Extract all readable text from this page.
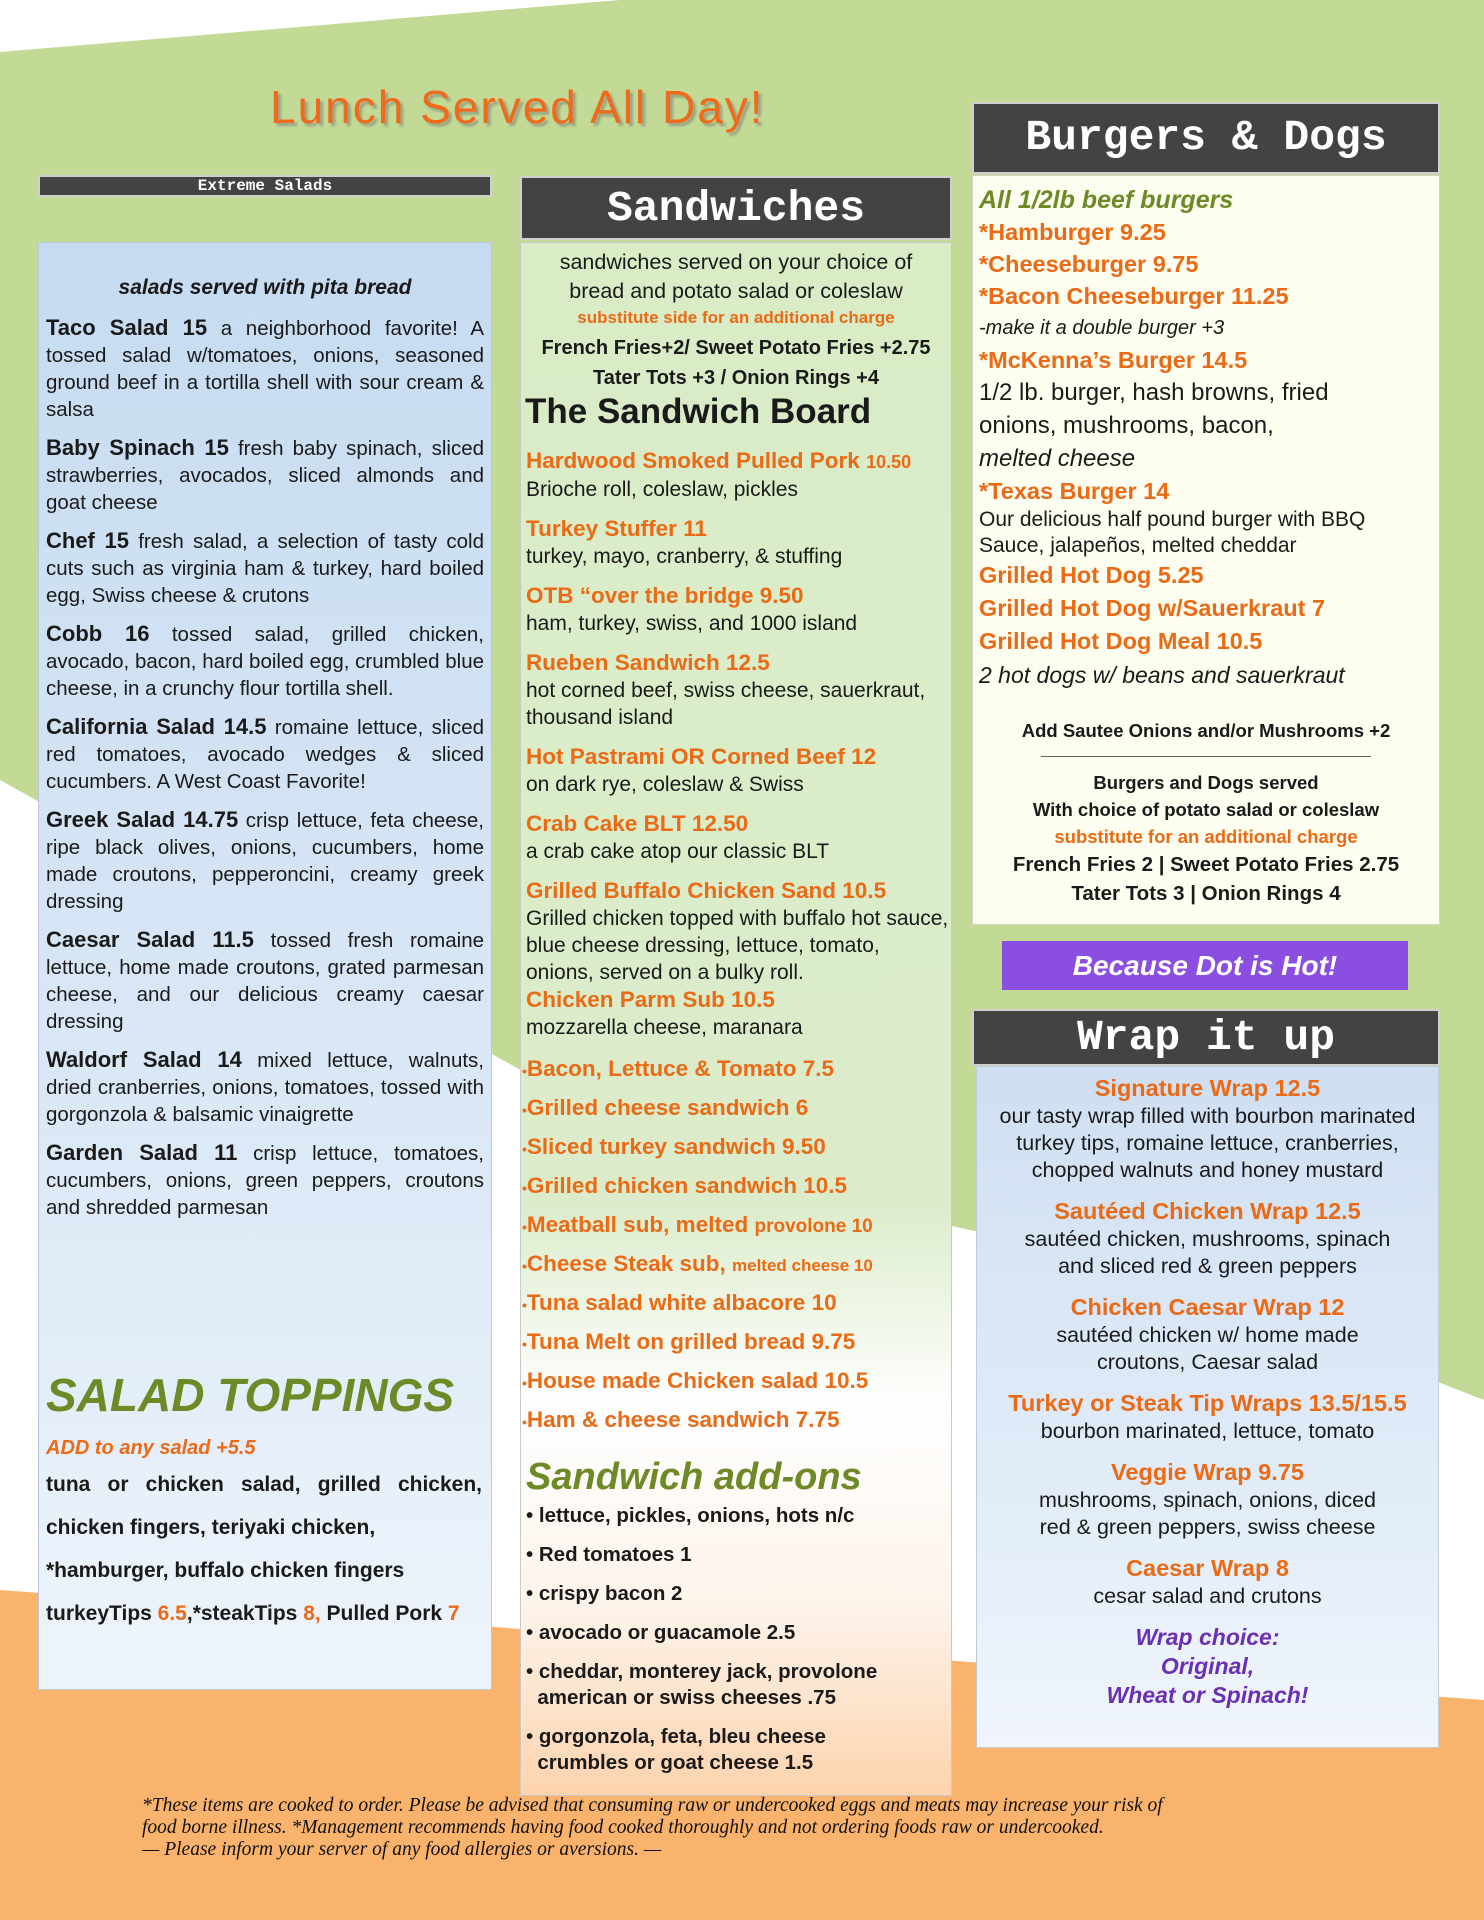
Lunch Served All Day!
Extreme Salads
salads served with pita bread
Taco Salad 15 a neighborhood favorite! A tossed salad w/tomatoes, onions, seasoned ground beef in a tortilla shell with sour cream & salsa
Baby Spinach 15 fresh baby spinach, sliced strawberries, avocados, sliced almonds and goat cheese
Chef 15 fresh salad, a selection of tasty cold cuts such as virginia ham & turkey, hard boiled egg, Swiss cheese & crutons
Cobb 16 tossed salad, grilled chicken, avocado, bacon, hard boiled egg, crumbled blue cheese, in a crunchy flour tortilla shell.
California Salad 14.5 romaine lettuce, sliced red tomatoes, avocado wedges & sliced cucumbers. A West Coast Favorite!
Greek Salad 14.75 crisp lettuce, feta cheese, ripe black olives, onions, cucumbers, home made croutons, pepperoncini, creamy greek dressing
Caesar Salad 11.5 tossed fresh romaine lettuce, home made croutons, grated parmesan cheese, and our delicious creamy caesar dressing
Waldorf Salad 14 mixed lettuce, walnuts, dried cranberries, onions, tomatoes, tossed with gorgonzola & balsamic vinaigrette
Garden Salad 11 crisp lettuce, tomatoes, cucumbers, onions, green peppers, croutons and shredded parmesan
SALAD TOPPINGS
ADD to any salad +5.5
tuna or chicken salad, grilled chicken,
chicken fingers, teriyaki chicken,
*hamburger, buffalo chicken fingers
turkeyTips 6.5,*steakTips 8, Pulled Pork 7
Sandwiches
sandwiches served on your choice of
bread and potato salad or coleslaw
substitute side for an additional charge
French Fries+2/ Sweet Potato Fries +2.75
Tater Tots +3 / Onion Rings +4
The Sandwich Board
Hardwood Smoked Pulled Pork 10.50
Brioche roll, coleslaw, pickles
Turkey Stuffer 11
turkey, mayo, cranberry, & stuffing
OTB “over the bridge 9.50
ham, turkey, swiss, and 1000 island
Rueben Sandwich 12.5
hot corned beef, swiss cheese, sauerkraut, thousand island
Hot Pastrami OR Corned Beef 12
on dark rye, coleslaw & Swiss
Crab Cake BLT 12.50
a crab cake atop our classic BLT
Grilled Buffalo Chicken Sand 10.5
Grilled chicken topped with buffalo hot sauce, blue cheese dressing, lettuce, tomato, onions, served on a bulky roll.
Chicken Parm Sub 10.5
mozzarella cheese, maranara
•Bacon, Lettuce & Tomato 7.5
•Grilled cheese sandwich 6
•Sliced turkey sandwich 9.50
•Grilled chicken sandwich 10.5
•Meatball sub, melted provolone 10
•Cheese Steak sub, melted cheese 10
•Tuna salad white albacore 10
•Tuna Melt on grilled bread 9.75
•House made Chicken salad 10.5
•Ham & cheese sandwich 7.75
Sandwich add-ons
• lettuce, pickles, onions, hots n/c
• Red tomatoes 1
• crispy bacon 2
• avocado or guacamole 2.5
• cheddar, monterey jack, provolone
american or swiss cheeses .75
• gorgonzola, feta, bleu cheese
crumbles or goat cheese 1.5
Burgers & Dogs
All 1/2lb beef burgers
*Hamburger 9.25
*Cheeseburger 9.75
*Bacon Cheeseburger 11.25
-make it a double burger +3
*McKenna’s Burger 14.5
1/2 lb. burger, hash browns, fried
onions, mushrooms, bacon,
melted cheese
*Texas Burger 14
Our delicious half pound burger with BBQ Sauce, jalapeños, melted cheddar
Grilled Hot Dog 5.25
Grilled Hot Dog w/Sauerkraut 7
Grilled Hot Dog Meal 10.5
2 hot dogs w/ beans and sauerkraut
Add Sautee Onions and/or Mushrooms +2
Burgers and Dogs served
With choice of potato salad or coleslaw
substitute for an additional charge
French Fries 2 | Sweet Potato Fries 2.75
Tater Tots 3 | Onion Rings 4
Because Dot is Hot!
Wrap it up
Signature Wrap 12.5
our tasty wrap filled with bourbon marinated turkey tips, romaine lettuce, cranberries, chopped walnuts and honey mustard
Sautéed Chicken Wrap 12.5
sautéed chicken, mushrooms, spinach and sliced red & green peppers
Chicken Caesar Wrap 12
sautéed chicken w/ home made croutons, Caesar salad
Turkey or Steak Tip Wraps 13.5/15.5
bourbon marinated, lettuce, tomato
Veggie Wrap 9.75
mushrooms, spinach, onions, diced red & green peppers, swiss cheese
Caesar Wrap 8
cesar salad and crutons
Wrap choice:
Original,
Wheat or Spinach!
*These items are cooked to order. Please be advised that consuming raw or undercooked eggs and meats may increase your risk of
food borne illness. *Management recommends having food cooked thoroughly and not ordering foods raw or undercooked.
— Please inform your server of any food allergies or aversions. —
